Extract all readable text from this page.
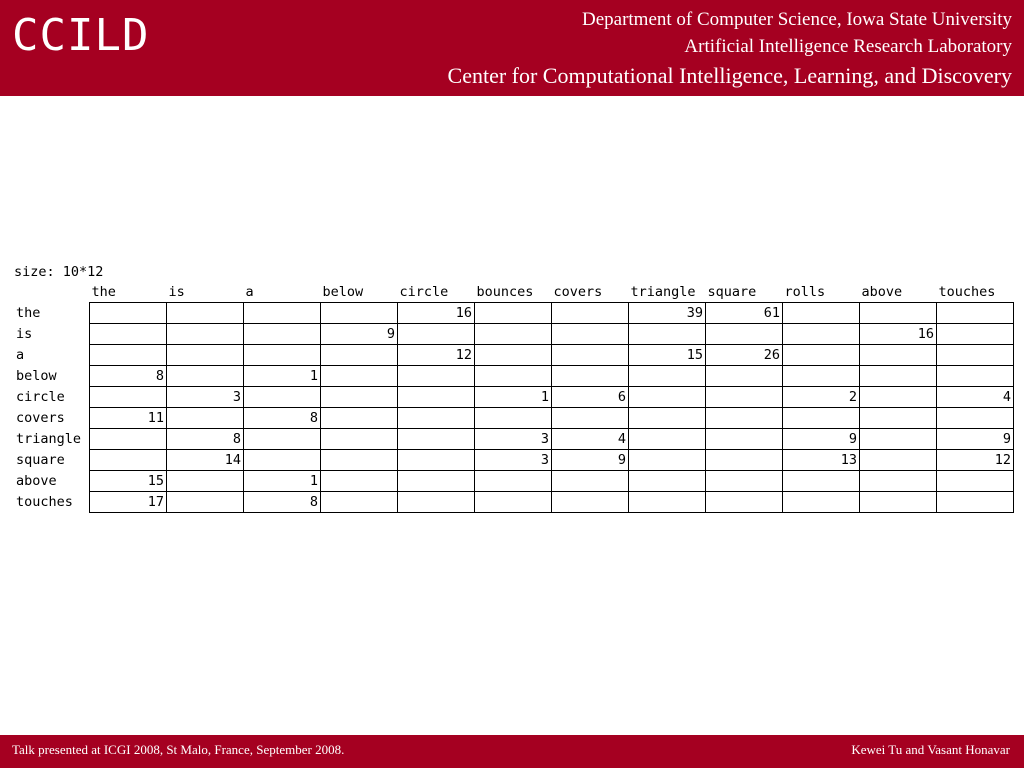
CCILD	Department of Computer Science, Iowa State University
Artificial Intelligence Research Laboratory
Center for Computational Intelligence, Learning, and Discovery
size: 10*12
	the	is	a	below	circle	bounces	covers	triangle	square	rolls	above	touches
the					16			39	61			
is				9							16	
a					12			15	26			
below	8		1									
circle		3				1	6			2		4
covers	11		8									
triangle		8				3	4			9		9
square		14				3	9			13		12
above	15		1									
touches	17		8									
Talk presented at ICGI 2008, St Malo, France, September 2008.	Kewei Tu and Vasant Honavar
